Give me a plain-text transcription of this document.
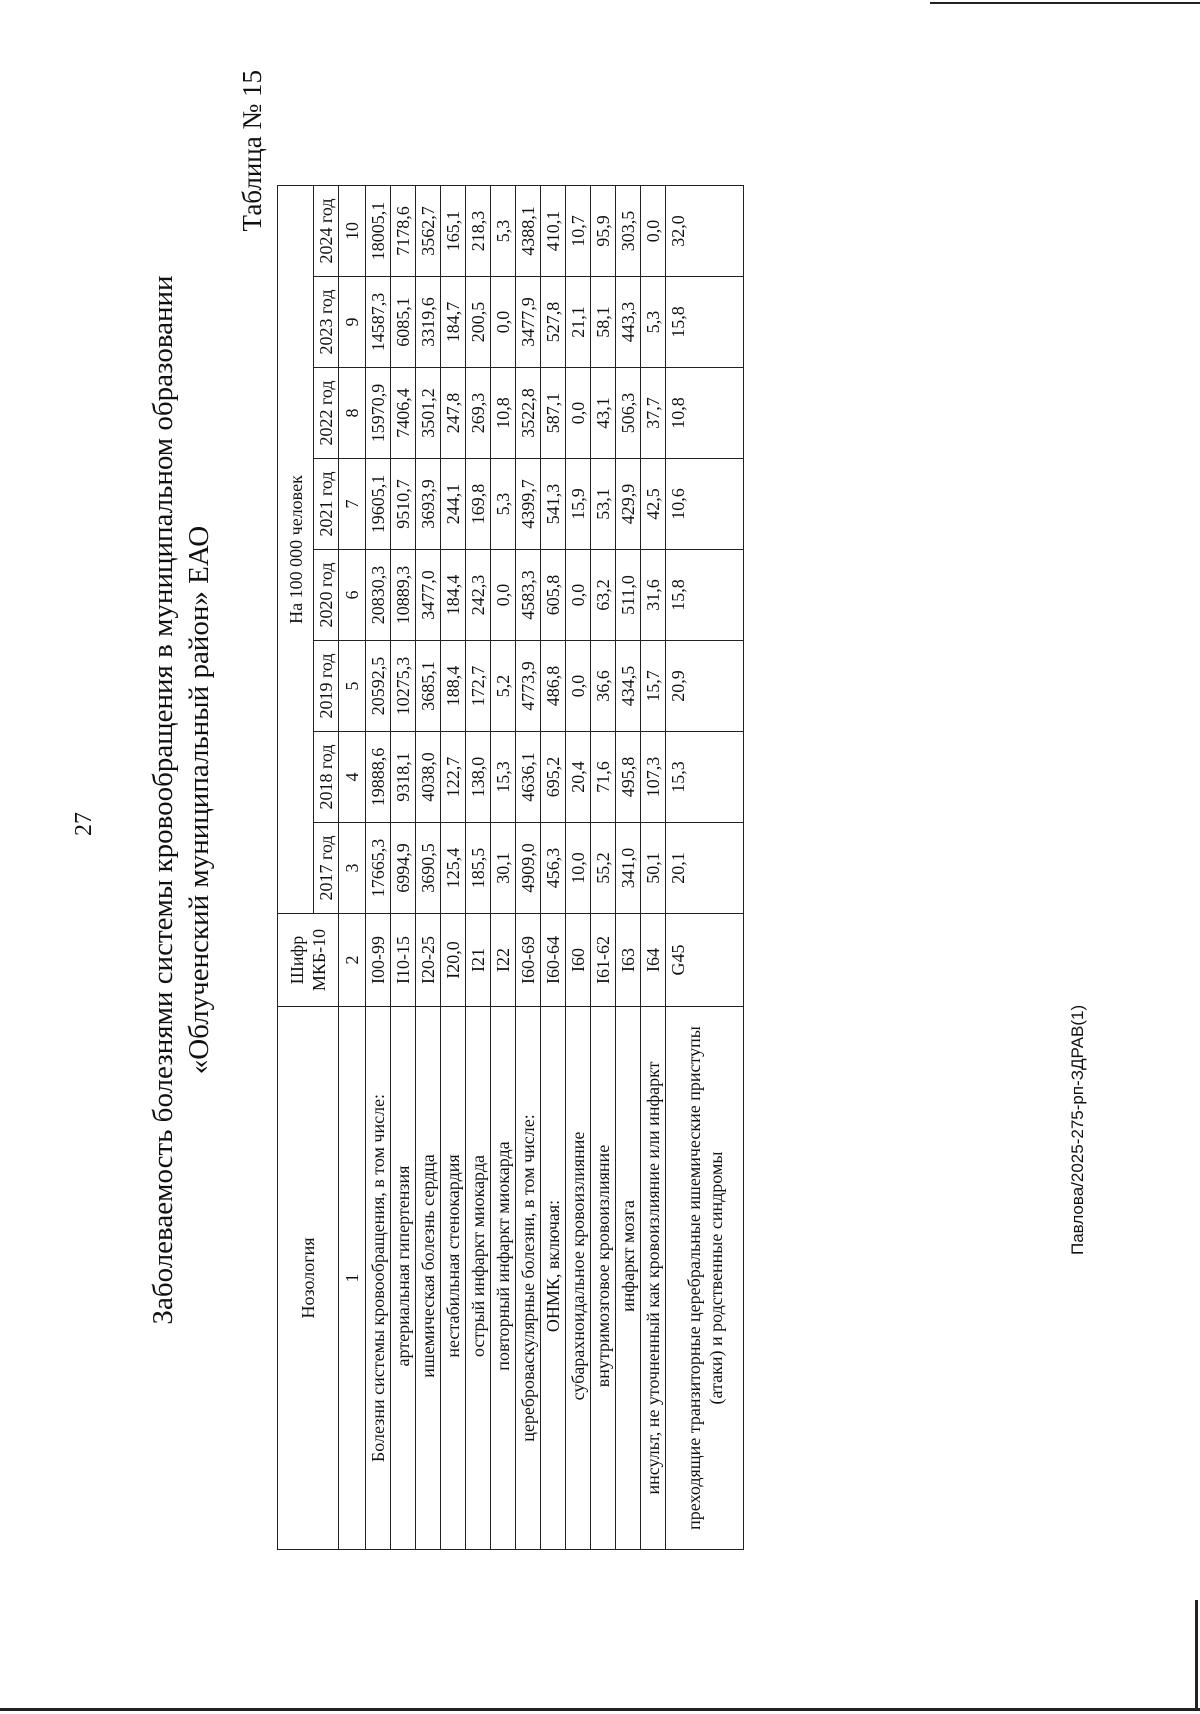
27 Заболеваемость болезнями системы кровообращения в муниципальном образовании «Облученский муниципальный район» ЕАО
Таблица № 15
Нозология	Шифр МКБ-10	На 100 000 человек							
		2017 год	2018 год	2019 год	2020 год	2021 год	2022 год	2023 год	2024 год
1	2	3	4	5	6	7	8	9	10
Болезни системы кровообращения, в том числе:	I00-99	17665,3	19888,6	20592,5	20830,3	19605,1	15970,9	14587,3	18005,1
артериальная гипертензия	I10-15	6994,9	9318,1	10275,3	10889,3	9510,7	7406,4	6085,1	7178,6
ишемическая болезнь сердца	I20-25	3690,5	4038,0	3685,1	3477,0	3693,9	3501,2	3319,6	3562,7
нестабильная стенокардия	I20,0	125,4	122,7	188,4	184,4	244,1	247,8	184,7	165,1
острый инфаркт миокарда	I21	185,5	138,0	172,7	242,3	169,8	269,3	200,5	218,3
повторный инфаркт миокарда	I22	30,1	15,3	5,2	0,0	5,3	10,8	0,0	5,3
цереброваскулярные болезни, в том числе:	I60-69	4909,0	4636,1	4773,9	4583,3	4399,7	3522,8	3477,9	4388,1
ОНМК, включая:	I60-64	456,3	695,2	486,8	605,8	541,3	587,1	527,8	410,1
субарахноидальное кровоизлияние	I60	10,0	20,4	0,0	0,0	15,9	0,0	21,1	10,7
внутримозговое кровоизлияние	I61-62	55,2	71,6	36,6	63,2	53,1	43,1	58,1	95,9
инфаркт мозга	I63	341,0	495,8	434,5	511,0	429,9	506,3	443,3	303,5
инсульт, не уточненный как кровоизлияние или инфаркт	I64	50,1	107,3	15,7	31,6	42,5	37,7	5,3	0,0
преходящие транзиторные церебральные ишемические приступы (атаки) и родственные синдромы	G45	20,1	15,3	20,9	15,8	10,6	10,8	15,8	32,0
Павлова/2025-275-рп-ЗДРАВ(1)
